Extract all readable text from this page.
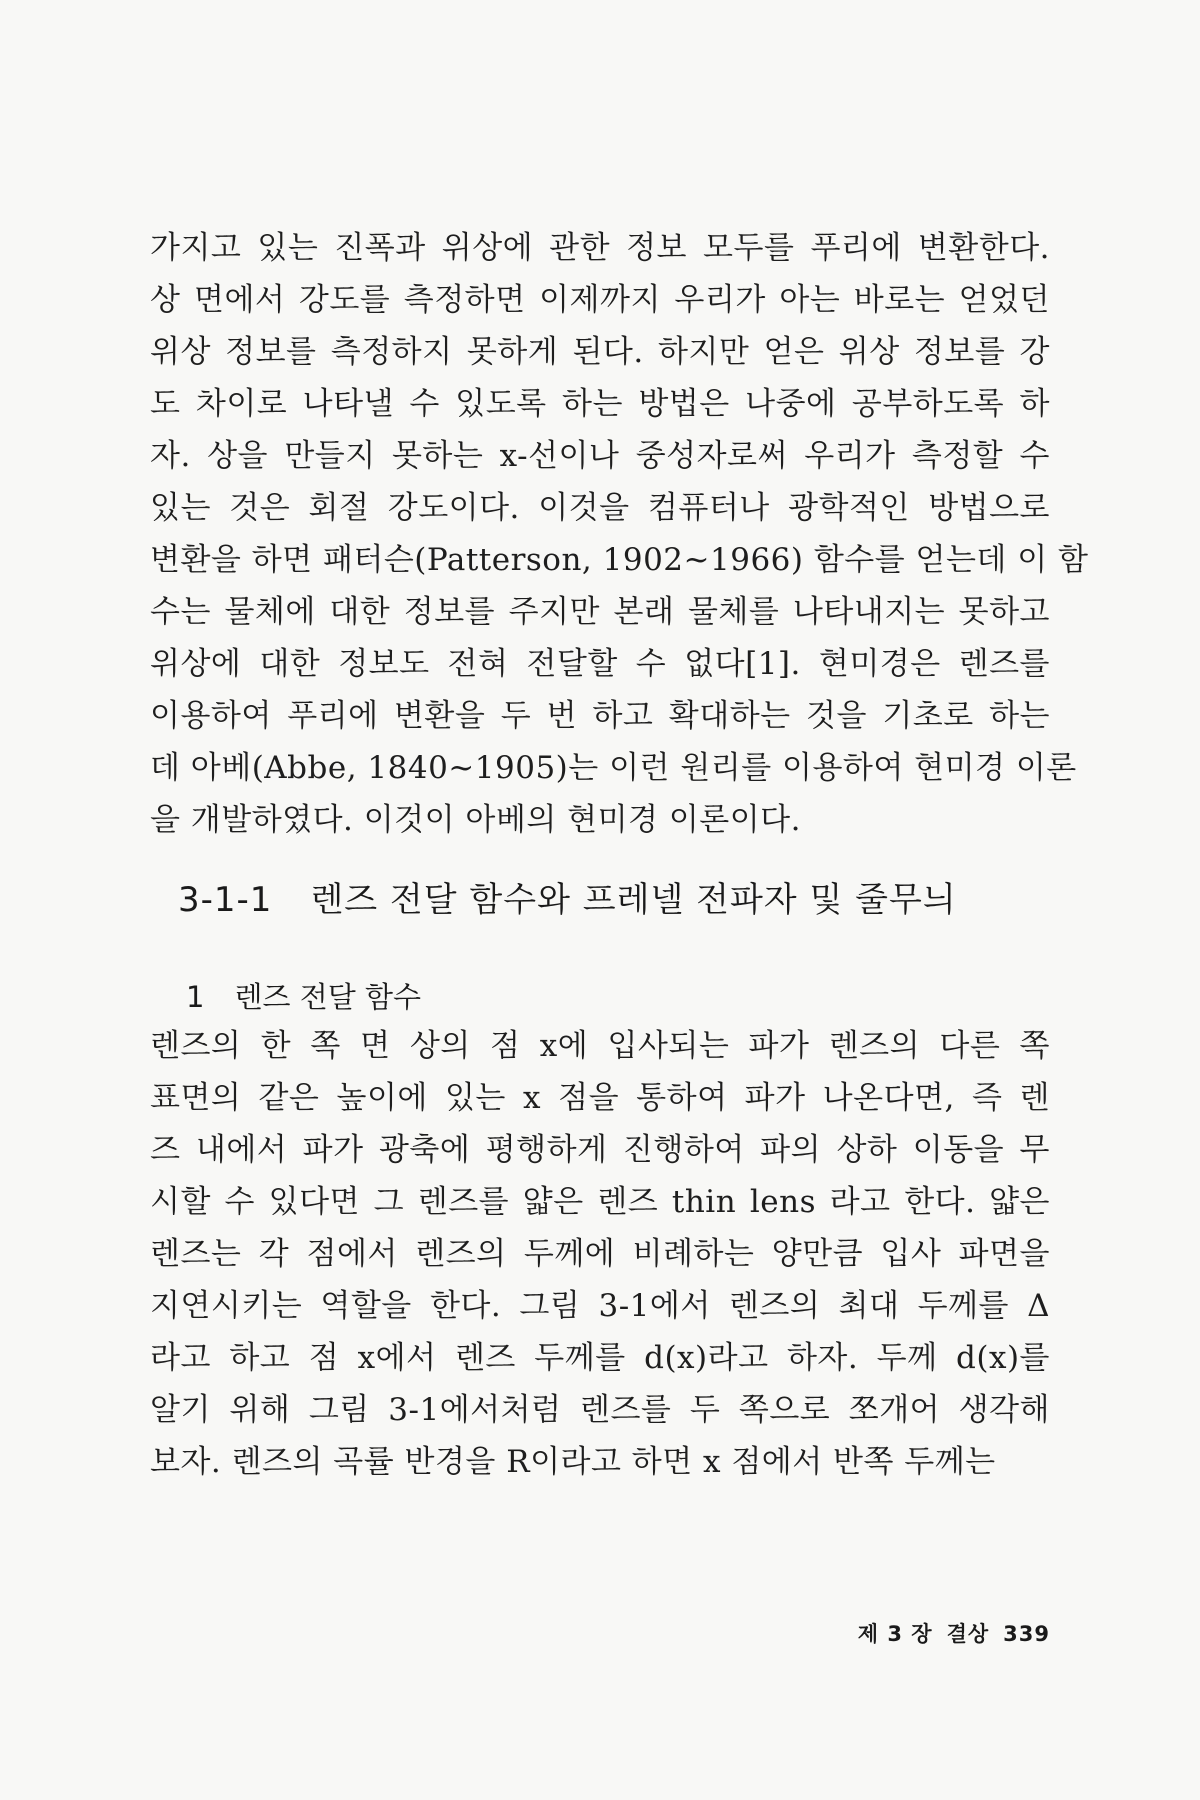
가지고 있는 진폭과 위상에 관한 정보 모두를 푸리에 변환한다.
상 면에서 강도를 측정하면 이제까지 우리가 아는 바로는 얻었던
위상 정보를 측정하지 못하게 된다. 하지만 얻은 위상 정보를 강
도 차이로 나타낼 수 있도록 하는 방법은 나중에 공부하도록 하
자. 상을 만들지 못하는 x-선이나 중성자로써 우리가 측정할 수
있는 것은 회절 강도이다. 이것을 컴퓨터나 광학적인 방법으로
변환을 하면 패터슨(Patterson, 1902~1966) 함수를 얻는데 이 함
수는 물체에 대한 정보를 주지만 본래 물체를 나타내지는 못하고
위상에 대한 정보도 전혀 전달할 수 없다[1]. 현미경은 렌즈를
이용하여 푸리에 변환을 두 번 하고 확대하는 것을 기초로 하는
데 아베(Abbe, 1840~1905)는 이런 원리를 이용하여 현미경 이론
을 개발하였다. 이것이 아베의 현미경 이론이다.
3-1-1 렌즈 전달 함수와 프레넬 전파자 및 줄무늬
1 렌즈 전달 함수
렌즈의 한 쪽 면 상의 점 x에 입사되는 파가 렌즈의 다른 쪽
표면의 같은 높이에 있는 x 점을 통하여 파가 나온다면, 즉 렌
즈 내에서 파가 광축에 평행하게 진행하여 파의 상하 이동을 무
시할 수 있다면 그 렌즈를 얇은 렌즈 thin lens 라고 한다. 얇은
렌즈는 각 점에서 렌즈의 두께에 비례하는 양만큼 입사 파면을
지연시키는 역할을 한다. 그림 3-1에서 렌즈의 최대 두께를 Δ
라고 하고 점 x에서 렌즈 두께를 d(x)라고 하자. 두께 d(x)를
알기 위해 그림 3-1에서처럼 렌즈를 두 쪽으로 쪼개어 생각해
보자. 렌즈의 곡률 반경을 R이라고 하면 x 점에서 반쪽 두께는
제 3 장 결상 339
